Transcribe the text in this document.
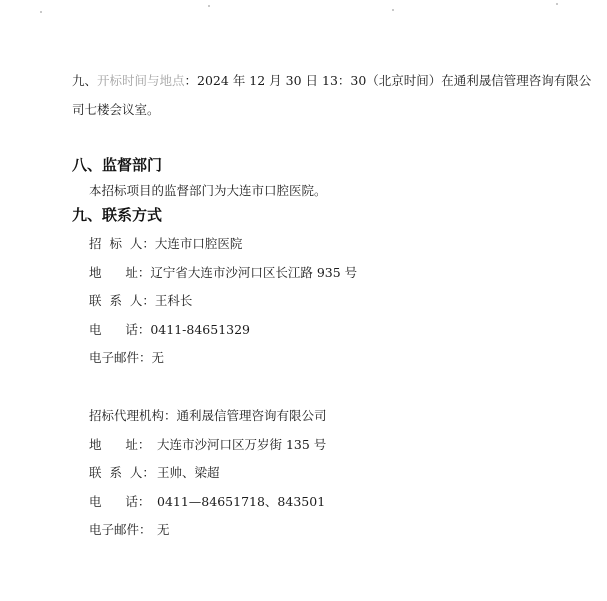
九、开标时间与地点：2024 年 12 月 30 日 13：30（北京时间）在通利晟信管理咨询有限公
司七楼会议室。
八、监督部门
本招标项目的监督部门为大连市口腔医院。
九、联系方式
招  标  人：大连市口腔医院
地      址：辽宁省大连市沙河口区长江路 935 号
联  系  人：王科长
电      话：0411-84651329
电子邮件：无
招标代理机构：通利晟信管理咨询有限公司
地      址： 大连市沙河口区万岁街 135 号
联  系  人： 王帅、梁超
电      话： 0411—84651718、843501
电子邮件： 无
